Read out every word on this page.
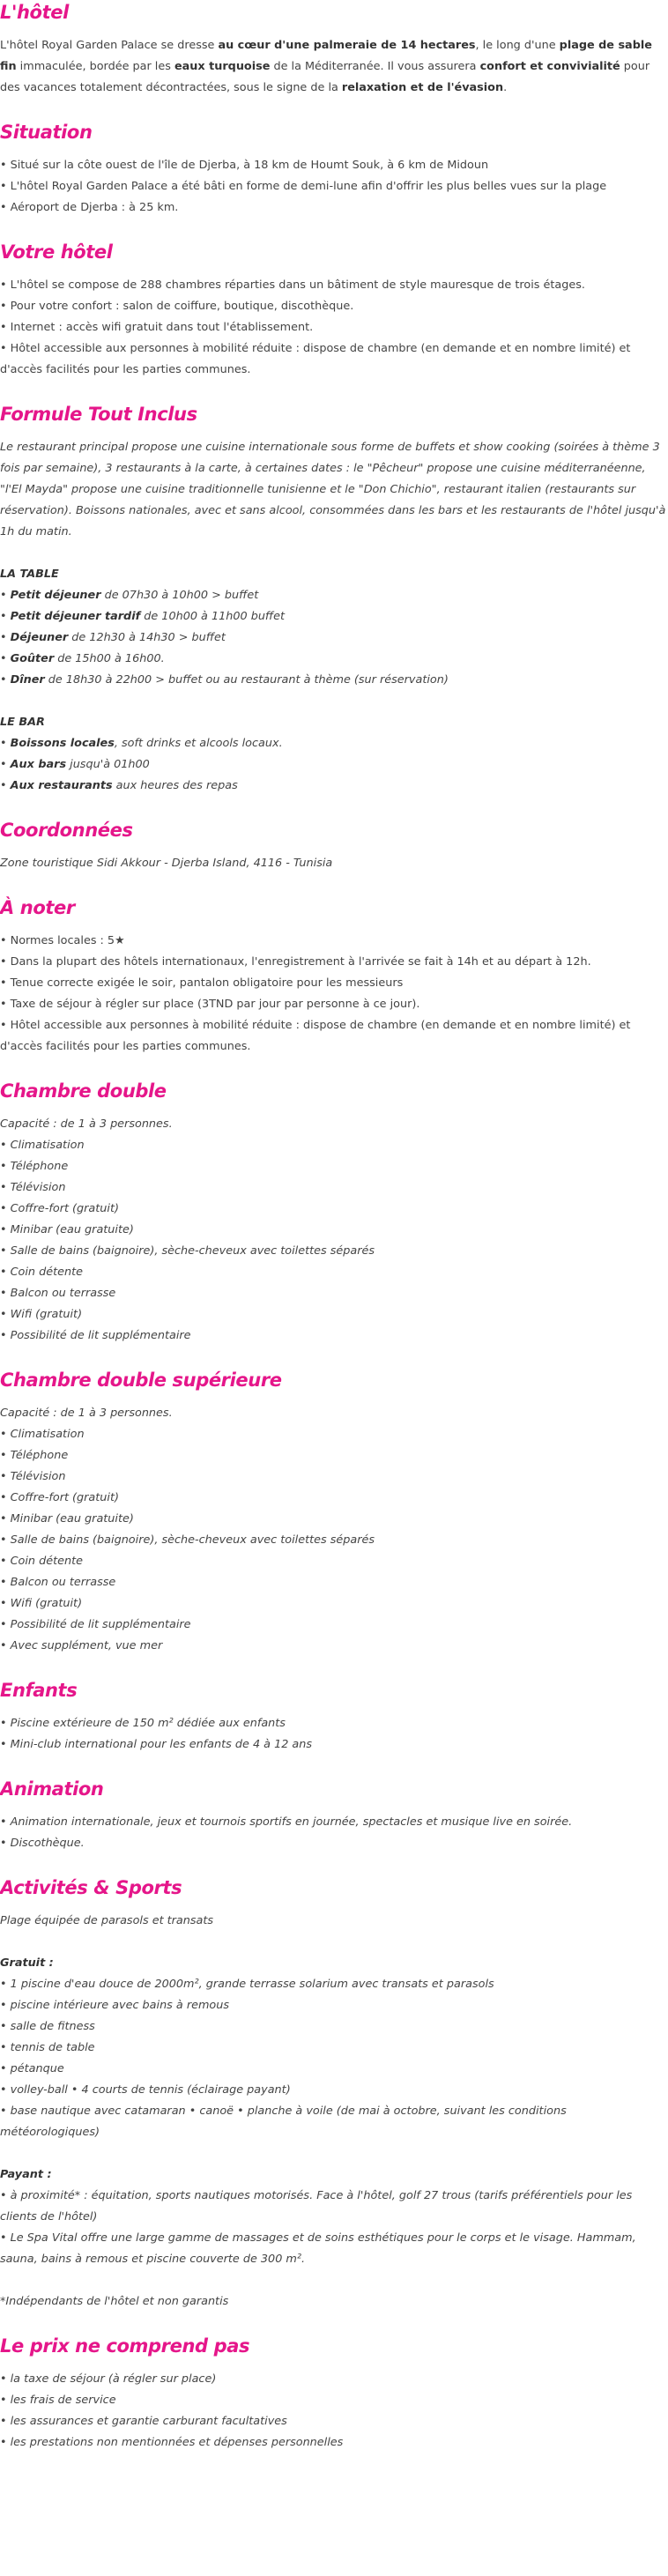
L'hôtel

L'hôtel Royal Garden Palace se dresse au cœur d'une palmeraie de 14 hectares, le long d'une plage de sable fin immaculée, bordée par les eaux turquoise de la Méditerranée. Il vous assurera confort et convivialité pour des vacances totalement décontractées, sous le signe de la relaxation et de l'évasion.

Situation
• Situé sur la côte ouest de l'île de Djerba, à 18 km de Houmt Souk, à 6 km de Midoun
• L'hôtel Royal Garden Palace a été bâti en forme de demi-lune afin d'offrir les plus belles vues sur la plage
• Aéroport de Djerba : à 25 km.
Votre hôtel
• L'hôtel se compose de 288 chambres réparties dans un bâtiment de style mauresque de trois étages.
• Pour votre confort : salon de coiffure, boutique, discothèque.
• Internet : accès wifi gratuit dans tout l'établissement.
• Hôtel accessible aux personnes à mobilité réduite : dispose de chambre (en demande et en nombre limité) et d'accès facilités pour les parties communes.
Formule Tout Inclus

Le restaurant principal propose une cuisine internationale sous forme de buffets et show cooking (soirées à thème 3 fois par semaine), 3 restaurants à la carte, à certaines dates : le "Pêcheur" propose une cuisine méditerranéenne, "l'El Mayda" propose une cuisine traditionnelle tunisienne et le "Don Chichio", restaurant italien (restaurants sur réservation). Boissons nationales, avec et sans alcool, consommées dans les bars et les restaurants de l'hôtel jusqu'à 1h du matin.

LA TABLE
• Petit déjeuner de 07h30 à 10h00 > buffet
• Petit déjeuner tardif de 10h00 à 11h00 buffet
• Déjeuner de 12h30 à 14h30 > buffet
• Goûter de 15h00 à 16h00.
• Dîner de 18h30 à 22h00 > buffet ou au restaurant à thème (sur réservation)
LE BAR
• Boissons locales, soft drinks et alcools locaux.
• Aux bars jusqu'à 01h00
• Aux restaurants aux heures des repas
Coordonnées
Zone touristique Sidi Akkour - Djerba Island, 4116 - Tunisia
À noter
• Normes locales : 5★
• Dans la plupart des hôtels internationaux, l'enregistrement à l'arrivée se fait à 14h et au départ à 12h.
• Tenue correcte exigée le soir, pantalon obligatoire pour les messieurs
• Taxe de séjour à régler sur place (3TND par jour par personne à ce jour).
• Hôtel accessible aux personnes à mobilité réduite : dispose de chambre (en demande et en nombre limité) et d'accès facilités pour les parties communes.
Chambre double
Capacité : de 1 à 3 personnes.
• Climatisation
• Téléphone
• Télévision
• Coffre-fort (gratuit)
• Minibar (eau gratuite)
• Salle de bains (baignoire), sèche-cheveux avec toilettes séparés
• Coin détente
• Balcon ou terrasse
• Wifi (gratuit)
• Possibilité de lit supplémentaire
Chambre double supérieure
Capacité : de 1 à 3 personnes.
• Climatisation
• Téléphone
• Télévision
• Coffre-fort (gratuit)
• Minibar (eau gratuite)
• Salle de bains (baignoire), sèche-cheveux avec toilettes séparés
• Coin détente
• Balcon ou terrasse
• Wifi (gratuit)
• Possibilité de lit supplémentaire
• Avec supplément, vue mer
Enfants
• Piscine extérieure de 150 m² dédiée aux enfants
• Mini-club international pour les enfants de 4 à 12 ans
Animation
• Animation internationale, jeux et tournois sportifs en journée, spectacles et musique live en soirée.
• Discothèque.
Activités & Sports
Plage équipée de parasols et transats
Gratuit :
• 1 piscine d'eau douce de 2000m², grande terrasse solarium avec transats et parasols
• piscine intérieure avec bains à remous
• salle de fitness
• tennis de table
• pétanque
• volley-ball • 4 courts de tennis (éclairage payant)
• base nautique avec catamaran • canoë • planche à voile (de mai à octobre, suivant les conditions météorologiques)
Payant :
• à proximité* : équitation, sports nautiques motorisés. Face à l'hôtel, golf 27 trous (tarifs préférentiels pour les clients de l'hôtel)
• Le Spa Vital offre une large gamme de massages et de soins esthétiques pour le corps et le visage. Hammam, sauna, bains à remous et piscine couverte de 300 m².
*Indépendants de l'hôtel et non garantis
Le prix ne comprend pas
• la taxe de séjour (à régler sur place)
• les frais de service
• les assurances et garantie carburant facultatives
• les prestations non mentionnées et dépenses personnelles
